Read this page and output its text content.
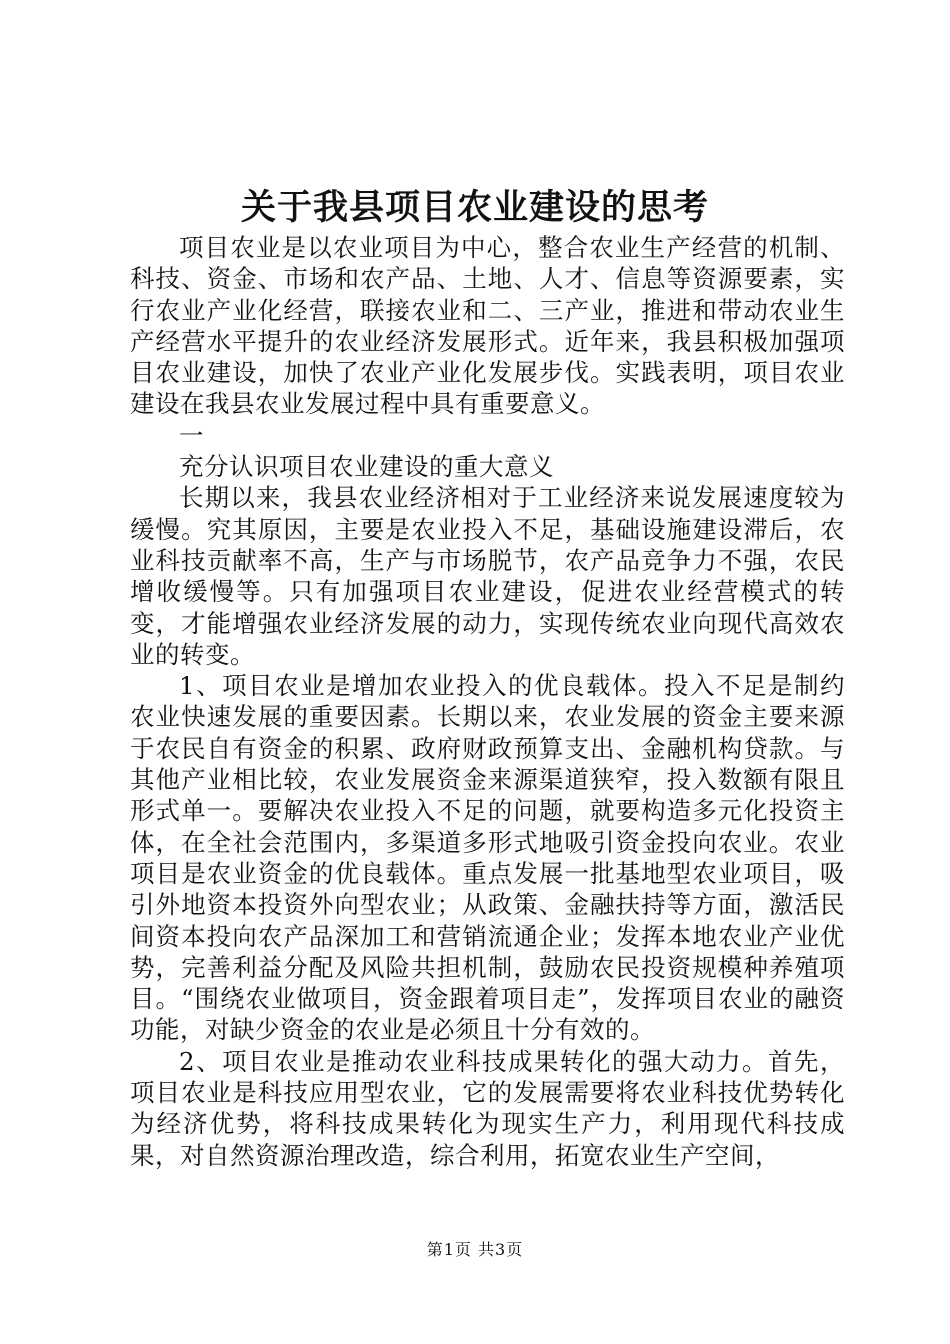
关于我县项目农业建设的思考

项目农业是以农业项目为中心，整合农业生产经营的机制、科技、资金、市场和农产品、土地、人才、信息等资源要素，实行农业产业化经营，联接农业和二、三产业，推进和带动农业生产经营水平提升的农业经济发展形式。近年来，我县积极加强项目农业建设，加快了农业产业化发展步伐。实践表明，项目农业建设在我县农业发展过程中具有重要意义。

一

充分认识项目农业建设的重大意义

长期以来，我县农业经济相对于工业经济来说发展速度较为缓慢。究其原因，主要是农业投入不足，基础设施建设滞后，农业科技贡献率不高，生产与市场脱节，农产品竞争力不强，农民增收缓慢等。只有加强项目农业建设，促进农业经营模式的转变，才能增强农业经济发展的动力，实现传统农业向现代高效农业的转变。

1、项目农业是增加农业投入的优良载体。投入不足是制约农业快速发展的重要因素。长期以来，农业发展的资金主要来源于农民自有资金的积累、政府财政预算支出、金融机构贷款。与其他产业相比较，农业发展资金来源渠道狭窄，投入数额有限且形式单一。要解决农业投入不足的问题，就要构造多元化投资主体，在全社会范围内，多渠道多形式地吸引资金投向农业。农业项目是农业资金的优良载体。重点发展一批基地型农业项目，吸引外地资本投资外向型农业；从政策、金融扶持等方面，激活民间资本投向农产品深加工和营销流通企业；发挥本地农业产业优势，完善利益分配及风险共担机制，鼓励农民投资规模种养殖项目。“围绕农业做项目，资金跟着项目走”，发挥项目农业的融资功能，对缺少资金的农业是必须且十分有效的。

2、项目农业是推动农业科技成果转化的强大动力。首先，项目农业是科技应用型农业，它的发展需要将农业科技优势转化为经济优势，将科技成果转化为现实生产力，利用现代科技成果，对自然资源治理改造，综合利用，拓宽农业生产空间，

第1页 共3页
